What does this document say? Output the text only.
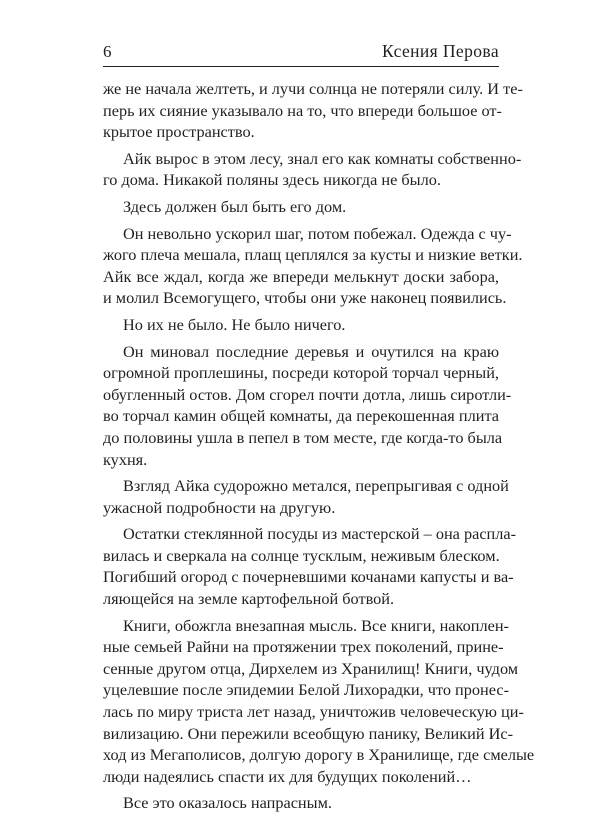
6	Ксения Перова

же не начала желтеть, и лучи солнца не потеряли силу. И те-
перь их сияние указывало на то, что впереди большое от-
крытое пространство.

Айк вырос в этом лесу, знал его как комнаты собственно-
го дома. Никакой поляны здесь никогда не было.

Здесь должен был быть его дом.

Он невольно ускорил шаг, потом побежал. Одежда с чу-
жого плеча мешала, плащ цеплялся за кусты и низкие ветки.
Айк все ждал, когда же впереди мелькнут доски забора,
и молил Всемогущего, чтобы они уже наконец появились.

Но их не было. Не было ничего.

Он миновал последние деревья и очутился на краю
огромной проплешины, посреди которой торчал черный,
обугленный остов. Дом сгорел почти дотла, лишь сиротли-
во торчал камин общей комнаты, да перекошенная плита
до половины ушла в пепел в том месте, где когда-то была
кухня.

Взгляд Айка судорожно метался, перепрыгивая с одной
ужасной подробности на другую.

Остатки стеклянной посуды из мастерской – она распла-
вилась и сверкала на солнце тусклым, неживым блеском.
Погибший огород с почерневшими кочанами капусты и ва-
ляющейся на земле картофельной ботвой.

Книги, обожгла внезапная мысль. Все книги, накоплен-
ные семьей Райни на протяжении трех поколений, прине-
сенные другом отца, Дирхелем из Хранилищ! Книги, чудом
уцелевшие после эпидемии Белой Лихорадки, что пронес-
лась по миру триста лет назад, уничтожив человеческую ци-
вилизацию. Они пережили всеобщую панику, Великий Ис-
ход из Мегаполисов, долгую дорогу в Хранилище, где смелые
люди надеялись спасти их для будущих поколений…

Все это оказалось напрасным.
